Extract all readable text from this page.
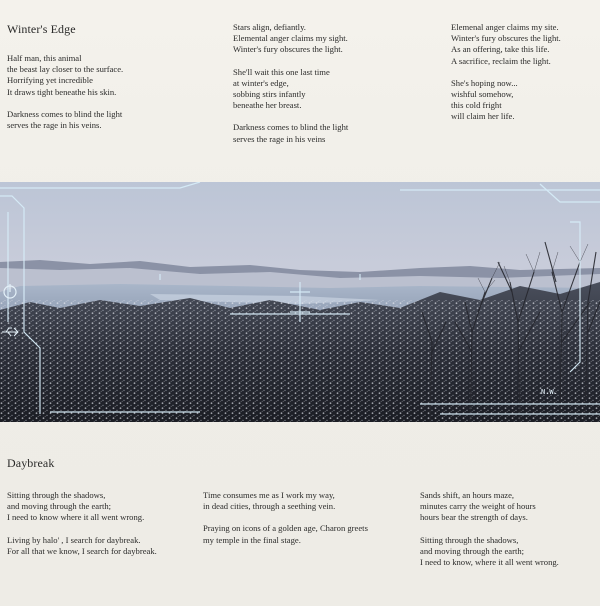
Winter's Edge
Half man, this animal
the beast lay closer to the surface.
Horrifying yet incredible
It draws tight beneathe his skin.
Darkness comes to blind the light
serves the rage in his veins.
Stars align, defiantly.
Elemental anger claims my sight.
Winter's fury obscures the light.
She'll wait this one last time
at winter's edge,
sobbing stirs infantly
beneathe her breast.
Darkness comes to blind the light
serves the rage in his veins
Elemenal anger claims my site.
Winter's fury obscures the light.
As an offering, take this life.
A sacrifice, reclaim the light.
She's hoping now...
wishful somehow,
this cold fright
will claim her life.
N.W.
Daybreak
Sitting through the shadows,
and moving through the earth;
I need to know where it all went wrong.
Living by halo' , I search for daybreak.
For all that we know, I search for daybreak.
Time consumes me as I work my way,
in dead cities, through a seething vein.
Praying on icons of a golden age, Charon greets
my temple in the final stage.
Sands shift, an hours maze,
minutes carry the weight of hours
hours bear the strength of days.
Sitting through the shadows,
and moving through the earth;
I need to know, where it all went wrong.
